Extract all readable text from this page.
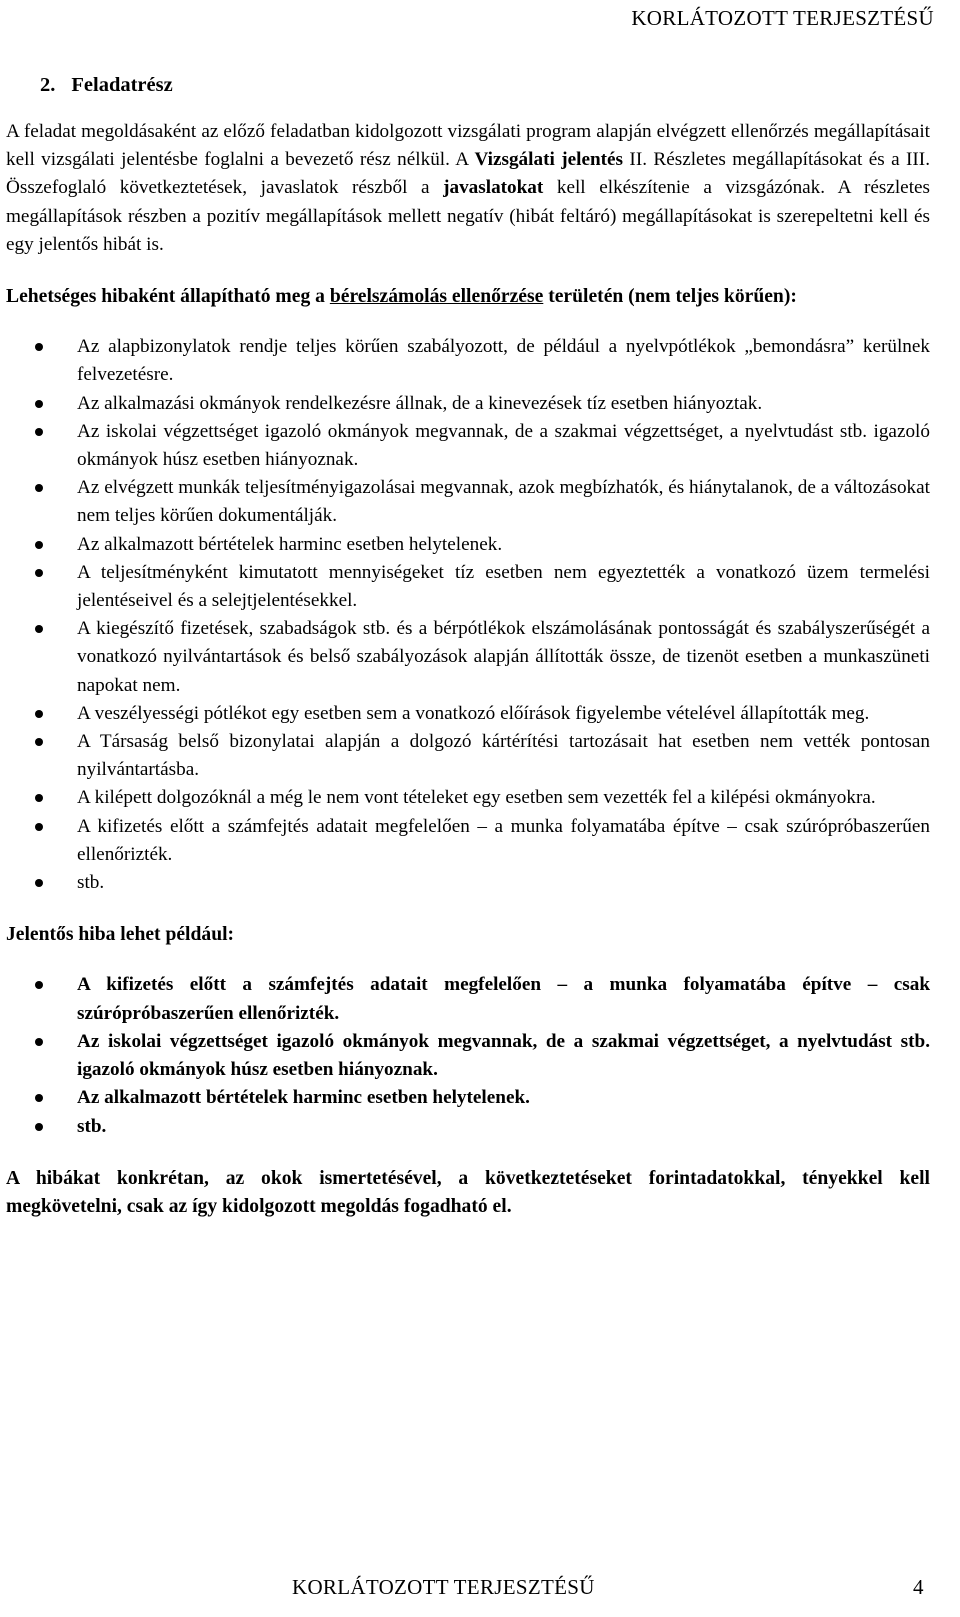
KORLÁTOZOTT TERJESZTÉSŰ
2. Feladatrész

A feladat megoldásaként az előző feladatban kidolgozott vizsgálati program alapján elvégzett ellenőrzés megállapításait kell vizsgálati jelentésbe foglalni a bevezető rész nélkül. A Vizsgálati jelentés II. Részletes megállapításokat és a III. Összefoglaló következtetések, javaslatok részből a javaslatokat kell elkészítenie a vizsgázónak. A részletes megállapítások részben a pozitív megállapítások mellett negatív (hibát feltáró) megállapításokat is szerepeltetni kell és egy jelentős hibát is.

Lehetséges hibaként állapítható meg a bérelszámolás ellenőrzése területén (nem teljes körűen):

Az alapbizonylatok rendje teljes körűen szabályozott, de például a nyelvpótlékok „bemondásra” kerülnek felvezetésre.
Az alkalmazási okmányok rendelkezésre állnak, de a kinevezések tíz esetben hiányoztak.
Az iskolai végzettséget igazoló okmányok megvannak, de a szakmai végzettséget, a nyelvtudást stb. igazoló okmányok húsz esetben hiányoznak.
Az elvégzett munkák teljesítményigazolásai megvannak, azok megbízhatók, és hiánytalanok, de a változásokat nem teljes körűen dokumentálják.
Az alkalmazott bértételek harminc esetben helytelenek.
A teljesítményként kimutatott mennyiségeket tíz esetben nem egyeztették a vonatkozó üzem termelési jelentéseivel és a selejtjelentésekkel.
A kiegészítő fizetések, szabadságok stb. és a bérpótlékok elszámolásának pontosságát és szabályszerűségét a vonatkozó nyilvántartások és belső szabályozások alapján állították össze, de tizenöt esetben a munkaszüneti napokat nem.
A veszélyességi pótlékot egy esetben sem a vonatkozó előírások figyelembe vételével állapították meg.
A Társaság belső bizonylatai alapján a dolgozó kártérítési tartozásait hat esetben nem vették pontosan nyilvántartásba.
A kilépett dolgozóknál a még le nem vont tételeket egy esetben sem vezették fel a kilépési okmányokra.
A kifizetés előtt a számfejtés adatait megfelelően – a munka folyamatába építve – csak szúrópróbaszerűen ellenőrizték.
stb.

Jelentős hiba lehet például:

A kifizetés előtt a számfejtés adatait megfelelően – a munka folyamatába építve – csak szúrópróbaszerűen ellenőrizték.
Az iskolai végzettséget igazoló okmányok megvannak, de a szakmai végzettséget, a nyelvtudást stb. igazoló okmányok húsz esetben hiányoznak.
Az alkalmazott bértételek harminc esetben helytelenek.
stb.

A hibákat konkrétan, az okok ismertetésével, a következtetéseket forintadatokkal, tényekkel kell megkövetelni, csak az így kidolgozott megoldás fogadható el.

KORLÁTOZOTT TERJESZTÉSŰ	4
